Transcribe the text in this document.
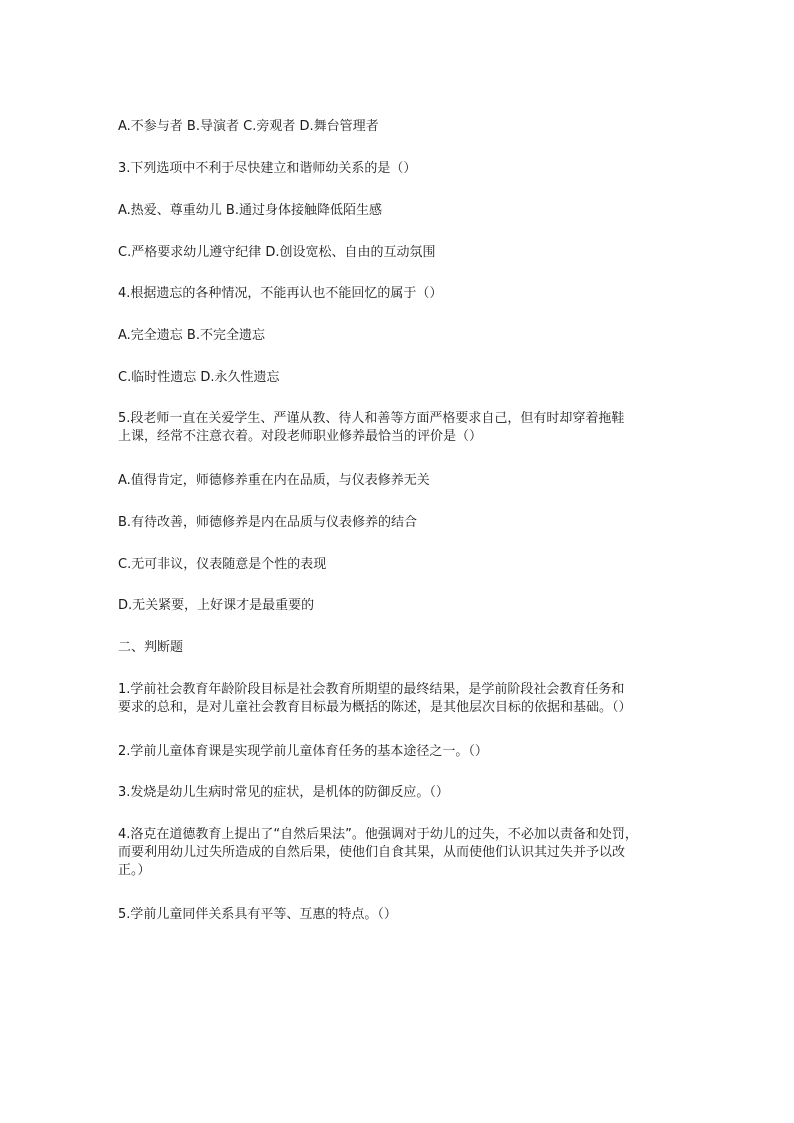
A.不参与者 B.导演者 C.旁观者 D.舞台管理者
3.下列选项中不利于尽快建立和谐师幼关系的是（）
A.热爱、尊重幼儿 B.通过身体接触降低陌生感
C.严格要求幼儿遵守纪律 D.创设宽松、自由的互动氛围
4.根据遗忘的各种情况，不能再认也不能回忆的属于（）
A.完全遗忘 B.不完全遗忘
C.临时性遗忘 D.永久性遗忘
5.段老师一直在关爱学生、严谨从教、待人和善等方面严格要求自己，但有时却穿着拖鞋
上课，经常不注意衣着。对段老师职业修养最恰当的评价是（）
A.值得肯定，师德修养重在内在品质，与仪表修养无关
B.有待改善，师德修养是内在品质与仪表修养的结合
C.无可非议，仪表随意是个性的表现
D.无关紧要，上好课才是最重要的
二、判断题
1.学前社会教育年龄阶段目标是社会教育所期望的最终结果，是学前阶段社会教育任务和
要求的总和，是对儿童社会教育目标最为概括的陈述，是其他层次目标的依据和基础。（）
2.学前儿童体育课是实现学前儿童体育任务的基本途径之一。（）
3.发烧是幼儿生病时常见的症状，是机体的防御反应。（）
4.洛克在道德教育上提出了“自然后果法”。他强调对于幼儿的过失，不必加以责备和处罚，
而要利用幼儿过失所造成的自然后果，使他们自食其果，从而使他们认识其过失并予以改
正。）
5.学前儿童同伴关系具有平等、互惠的特点。（）
